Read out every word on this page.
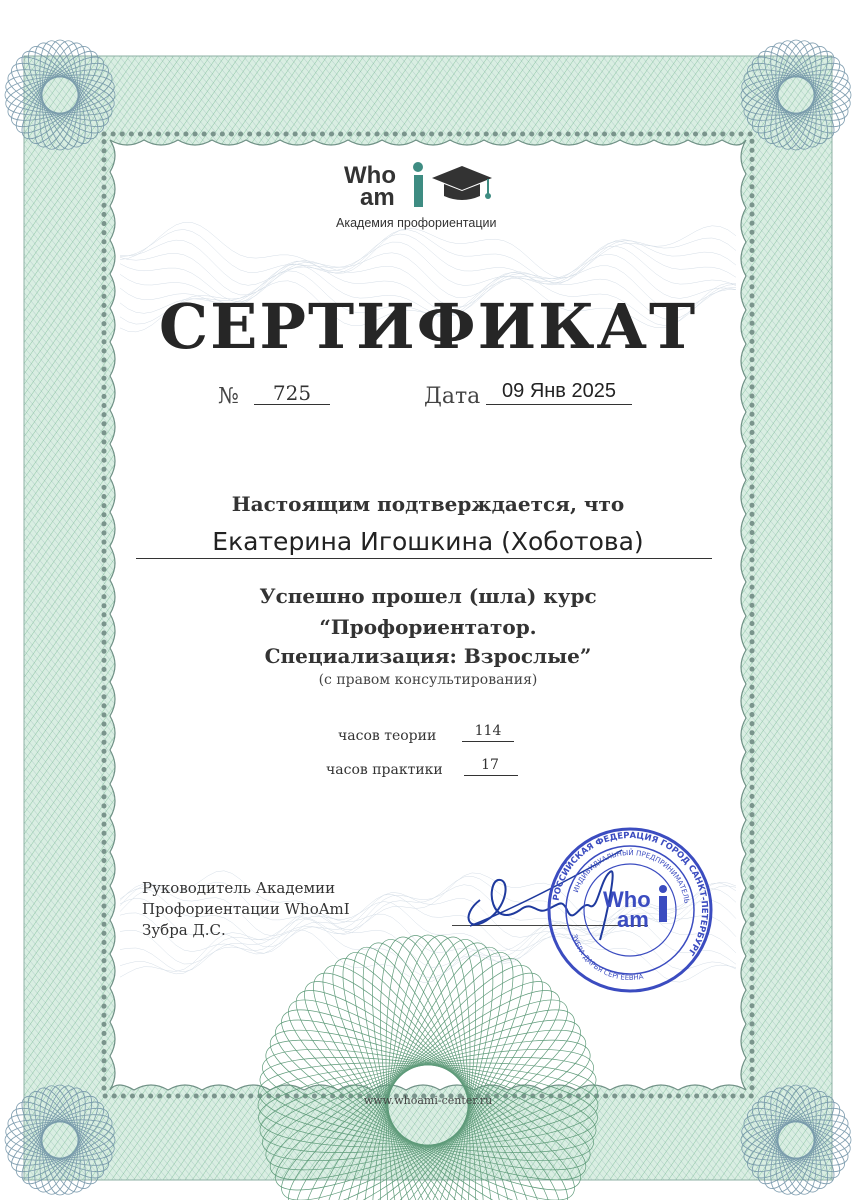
Who
am
Академия профориентации
СЕРТИФИКАТ
№	725	Дата	09 Янв 2025
Настоящим подтверждается, что
Екатерина Игошкина (Хоботова)
Успешно прошел (шла) курс
“Профориентатор.
Специализация: Взрослые”
(с правом консультирования)
часов теории	114
часов практики	17
Руководитель Академии
Профориентации WhoAmI
Зубра Д.С.
РОССИЙСКАЯ ФЕДЕРАЦИЯ ГОРОД САНКТ-ПЕТЕРБУРГ
ИНДИВИДУАЛЬНЫЙ ПРЕДПРИНИМАТЕЛЬ
ЗУБРА ДАРЬЯ СЕРГЕЕВНА
Who
am
www.whoami-center.ru
